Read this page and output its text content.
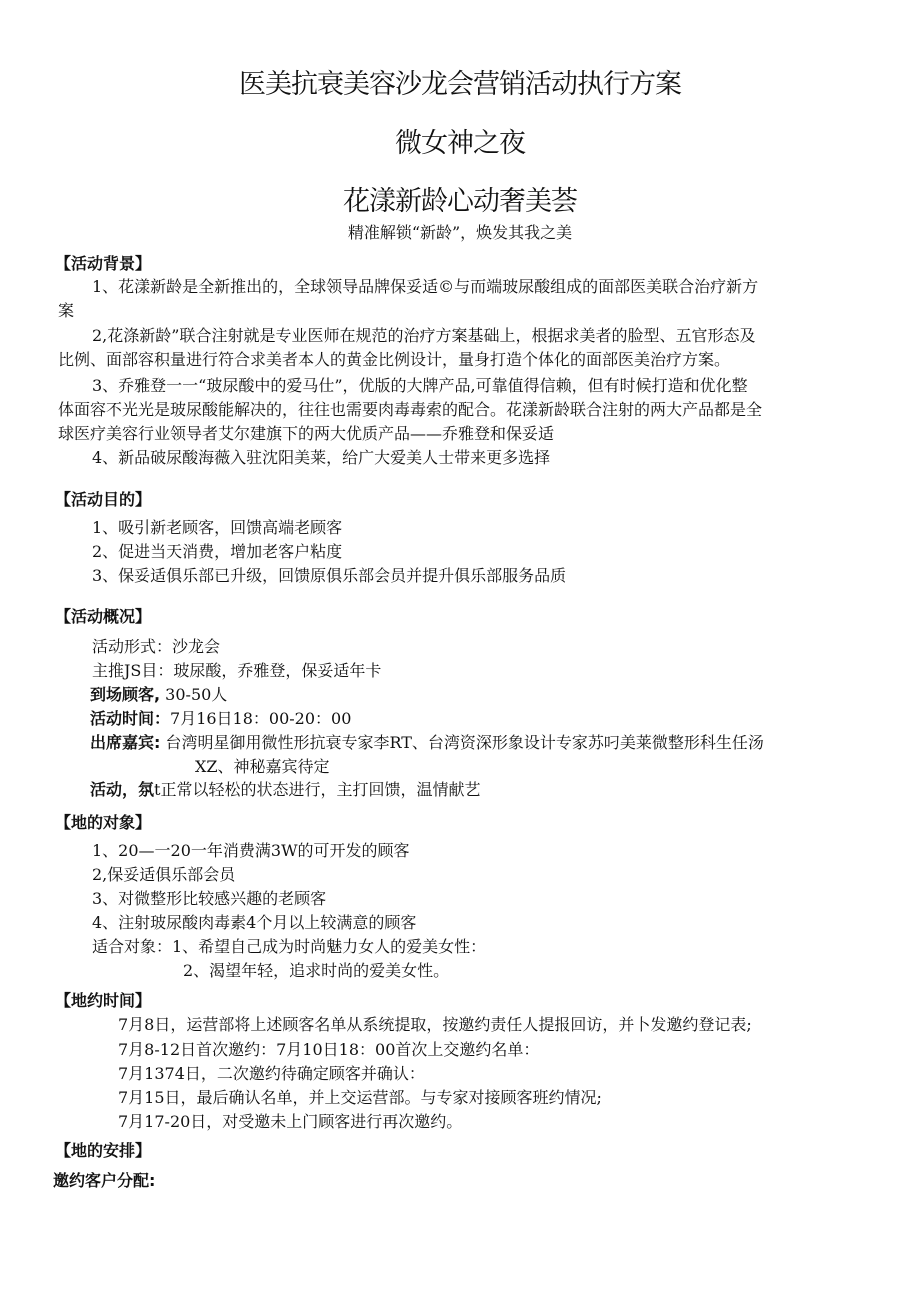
医美抗衰美容沙龙会营销活动执行方案
微女神之夜
花漾新龄心动奢美荟
精准解锁“新龄”，焕发其我之美
【活动背景】
1、花漾新龄是全新推出的，全球领导品牌保妥适©与而端玻尿酸组成的面部医美联合治疗新方
案
2,花涤新龄”联合注射就是专业医师在规范的治疗方案基础上，根据求美者的脸型、五官形态及
比例、面部容积量进行符合求美者本人的黄金比例设计，量身打造个体化的面部医美治疗方案。
3、乔雅登一一“玻尿酸中的爱马仕”，优版的大牌产品,可靠值得信赖，但有时候打造和优化整
体面容不光光是玻尿酸能解决的，往往也需要肉毒毒索的配合。花漾新龄联合注射的两大产品都是全
球医疗美容行业领导者艾尔建旗下的两大优质产品——乔雅登和保妥适
4、新品破尿酸海薇入驻沈阳美莱，给广大爱美人士带来更多选择
【活动目的】
1、吸引新老顾客，回馈高端老顾客
2、促进当天消费，增加老客户粘度
3、保妥适俱乐部已升级，回馈原俱乐部会员并提升俱乐部服务品质
【活动概况】
活动形式：沙龙会
主推JS目：玻尿酸，乔雅登，保妥适年卡
到场顾客, 30-50人
活动时间：7月16日18：00-20：00
出席嘉宾: 台湾明星御用微性形抗衰专家李RT、台湾资深形象设计专家苏叼美莱微整形科生任汤
XZ、神秘嘉宾待定
活动，氛t正常以轻松的状态进行，主打回馈，温情献艺
【地的对象】
1、20—一20一年消费满3W的可开发的顾客
2,保妥适俱乐部会员
3、对微整形比较感兴趣的老顾客
4、注射玻尿酸肉毒素4个月以上较满意的顾客
适合对象：1、希望自己成为时尚魅力女人的爱美女性：
2、渴望年轻，追求时尚的爱美女性。
【地约时间】
7月8日，运营部将上述顾客名单从系统提取，按邀约责任人提报回访，并卜发邀约登记表;
7月8-12日首次邀约：7月10日18：00首次上交邀约名单：
7月1374日，二次邀约待确定顾客并确认：
7月15日，最后确认名单，并上交运营部。与专家对接顾客班约情况;
7月17-20日，对受邀未上门顾客进行再次邀约。
【地的安排】
邀约客户分配:
